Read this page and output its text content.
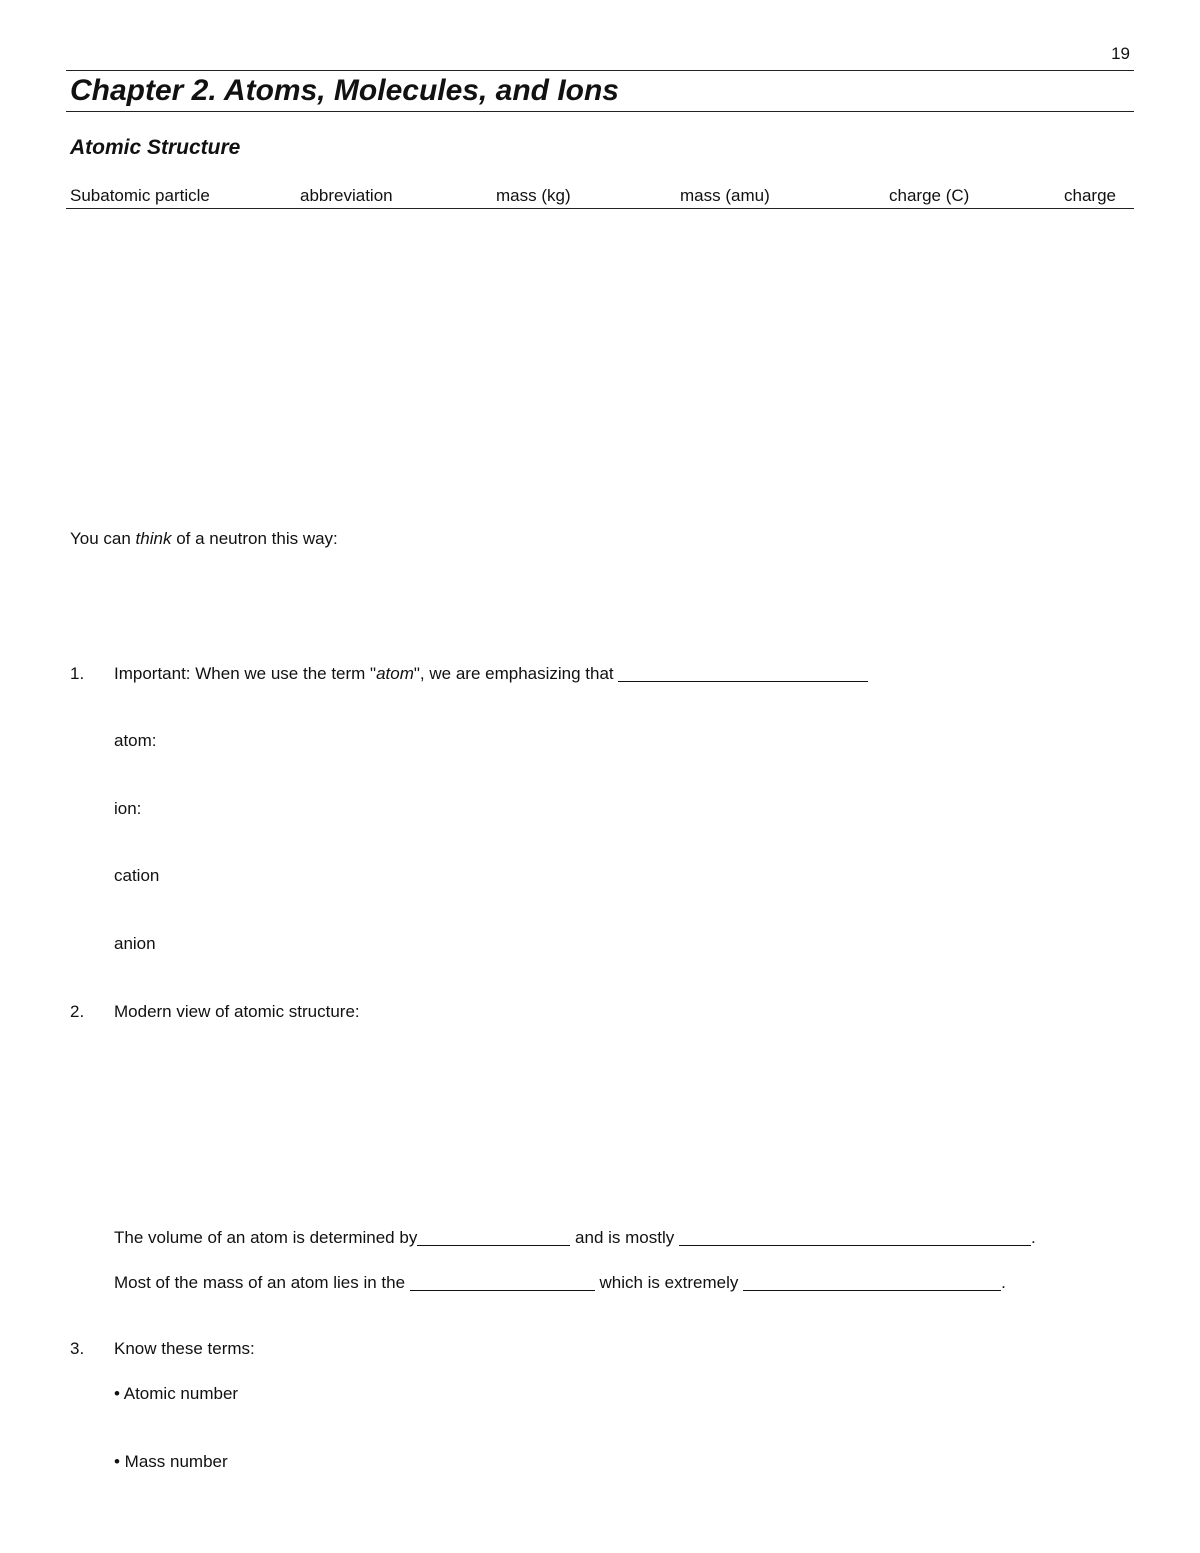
19
Chapter 2. Atoms, Molecules, and Ions
Atomic Structure
Subatomic particle	abbreviation	mass (kg)	mass (amu)	charge (C)	charge
You can think of a neutron this way:
1. Important: When we use the term "atom", we are emphasizing that
atom:
ion:
cation
anion
2. Modern view of atomic structure:
The volume of an atom is determined by	and is mostly	.
Most of the mass of an atom lies in the	which is extremely	.
3. Know these terms:
• Atomic number
• Mass number
